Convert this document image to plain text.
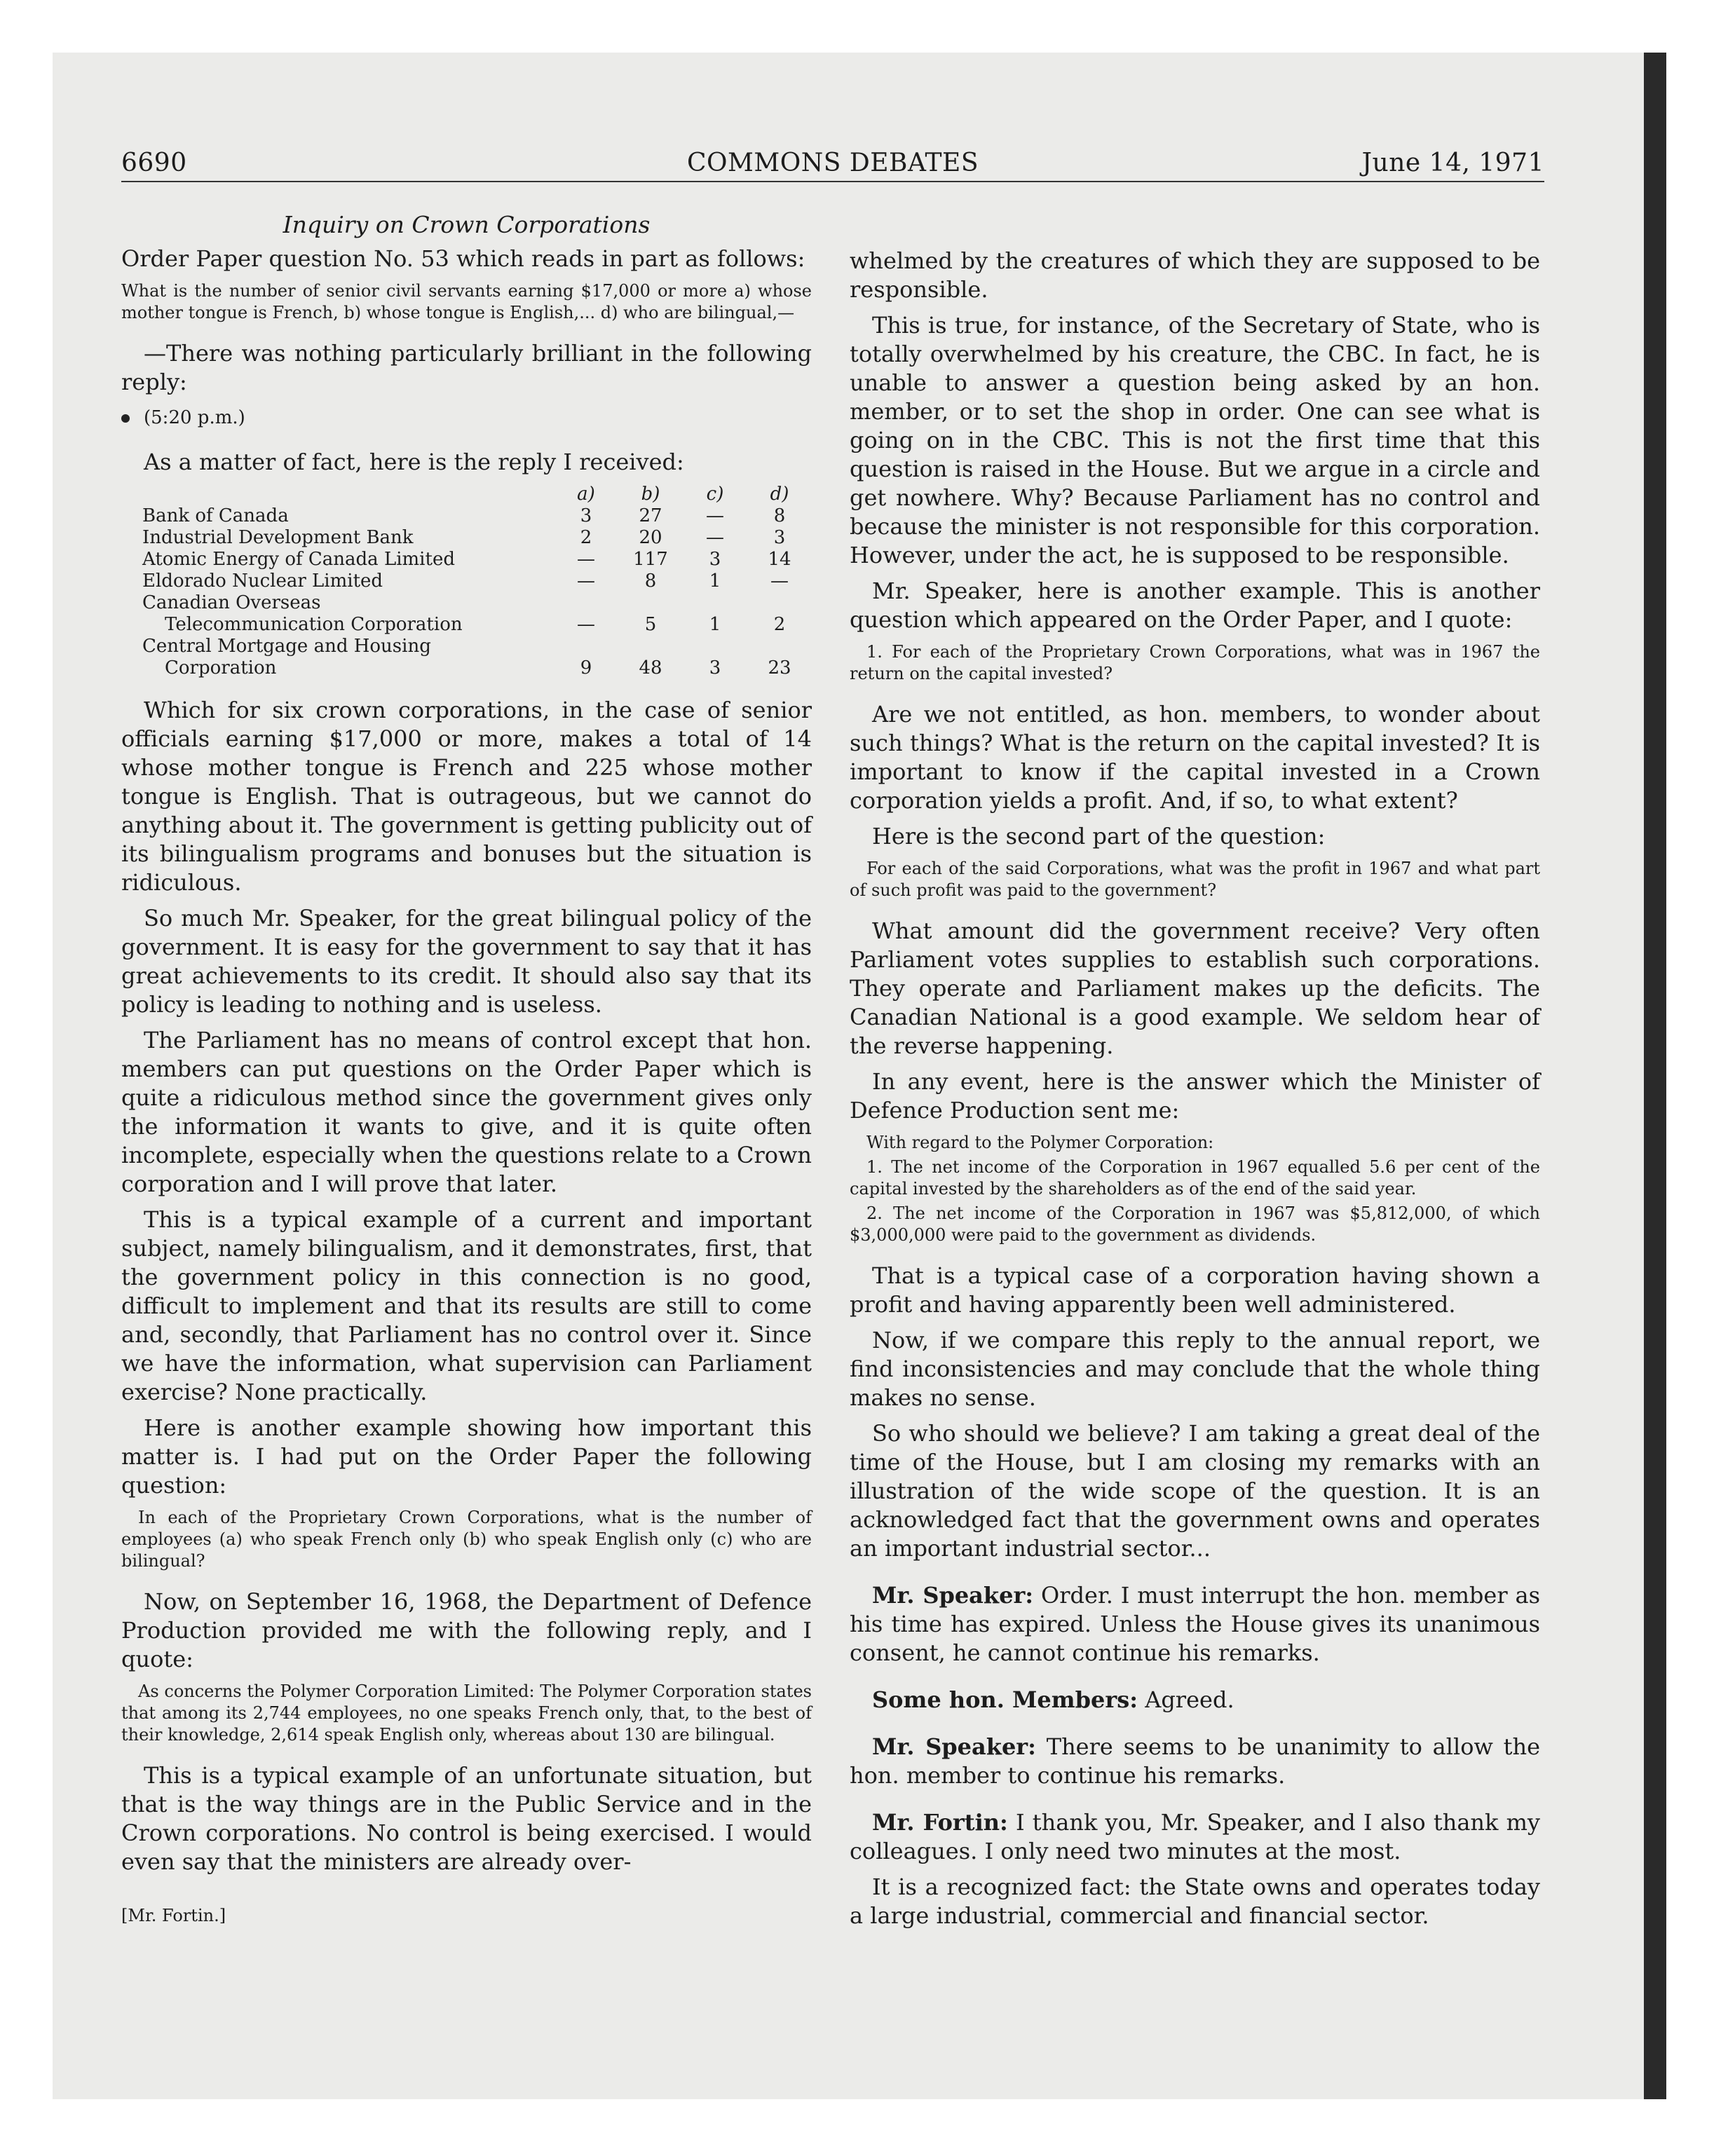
6690	COMMONS DEBATES	June 14, 1971
Inquiry on Crown Corporations

Order Paper question No. 53 which reads in part as follows:

What is the number of senior civil servants earning $17,000 or more a) whose mother tongue is French, b) whose tongue is English,... d) who are bilingual,—

—There was nothing particularly brilliant in the following reply:

(5:20 p.m.)

As a matter of fact, here is the reply I received:

	a)	b)	c)	d)
Bank of Canada	3	27	—	8
Industrial Development Bank	2	20	—	3
Atomic Energy of Canada Limited	—	117	3	14
Eldorado Nuclear Limited	—	8	1	—
Canadian Overseas				
Telecommunication Corporation	—	5	1	2
Central Mortgage and Housing				
Corporation	9	48	3	23

Which for six crown corporations, in the case of senior officials earning $17,000 or more, makes a total of 14 whose mother tongue is French and 225 whose mother tongue is English. That is outrageous, but we cannot do anything about it. The government is getting publicity out of its bilingualism programs and bonuses but the situation is ridiculous.

So much Mr. Speaker, for the great bilingual policy of the government. It is easy for the government to say that it has great achievements to its credit. It should also say that its policy is leading to nothing and is useless.

The Parliament has no means of control except that hon. members can put questions on the Order Paper which is quite a ridiculous method since the government gives only the information it wants to give, and it is quite often incomplete, especially when the questions relate to a Crown corporation and I will prove that later.

This is a typical example of a current and important subject, namely bilingualism, and it demonstrates, first, that the government policy in this connection is no good, difficult to implement and that its results are still to come and, secondly, that Parliament has no control over it. Since we have the information, what supervision can Parliament exercise? None practically.

Here is another example showing how important this matter is. I had put on the Order Paper the following question:

In each of the Proprietary Crown Corporations, what is the number of employees (a) who speak French only (b) who speak English only (c) who are bilingual?

Now, on September 16, 1968, the Department of Defence Production provided me with the following reply, and I quote:

As concerns the Polymer Corporation Limited: The Polymer Corporation states that among its 2,744 employees, no one speaks French only, that, to the best of their knowledge, 2,614 speak English only, whereas about 130 are bilingual.

This is a typical example of an unfortunate situation, but that is the way things are in the Public Service and in the Crown corporations. No control is being exercised. I would even say that the ministers are already over-

[Mr. Fortin.]

whelmed by the creatures of which they are supposed to be responsible.

This is true, for instance, of the Secretary of State, who is totally overwhelmed by his creature, the CBC. In fact, he is unable to answer a question being asked by an hon. member, or to set the shop in order. One can see what is going on in the CBC. This is not the first time that this question is raised in the House. But we argue in a circle and get nowhere. Why? Because Parliament has no control and because the minister is not responsible for this corporation. However, under the act, he is supposed to be responsible.

Mr. Speaker, here is another example. This is another question which appeared on the Order Paper, and I quote:

1. For each of the Proprietary Crown Corporations, what was in 1967 the return on the capital invested?

Are we not entitled, as hon. members, to wonder about such things? What is the return on the capital invested? It is important to know if the capital invested in a Crown corporation yields a profit. And, if so, to what extent?

Here is the second part of the question:

For each of the said Corporations, what was the profit in 1967 and what part of such profit was paid to the government?

What amount did the government receive? Very often Parliament votes supplies to establish such corporations. They operate and Parliament makes up the deficits. The Canadian National is a good example. We seldom hear of the reverse happening.

In any event, here is the answer which the Minister of Defence Production sent me:

With regard to the Polymer Corporation:
1. The net income of the Corporation in 1967 equalled 5.6 per cent of the capital invested by the shareholders as of the end of the said year.
2. The net income of the Corporation in 1967 was $5,812,000, of which $3,000,000 were paid to the government as dividends.

That is a typical case of a corporation having shown a profit and having apparently been well administered.

Now, if we compare this reply to the annual report, we find inconsistencies and may conclude that the whole thing makes no sense.

So who should we believe? I am taking a great deal of the time of the House, but I am closing my remarks with an illustration of the wide scope of the question. It is an acknowledged fact that the government owns and operates an important industrial sector...

Mr. Speaker: Order. I must interrupt the hon. member as his time has expired. Unless the House gives its unanimous consent, he cannot continue his remarks.

Some hon. Members: Agreed.

Mr. Speaker: There seems to be unanimity to allow the hon. member to continue his remarks.

Mr. Fortin: I thank you, Mr. Speaker, and I also thank my colleagues. I only need two minutes at the most.

It is a recognized fact: the State owns and operates today a large industrial, commercial and financial sector.
